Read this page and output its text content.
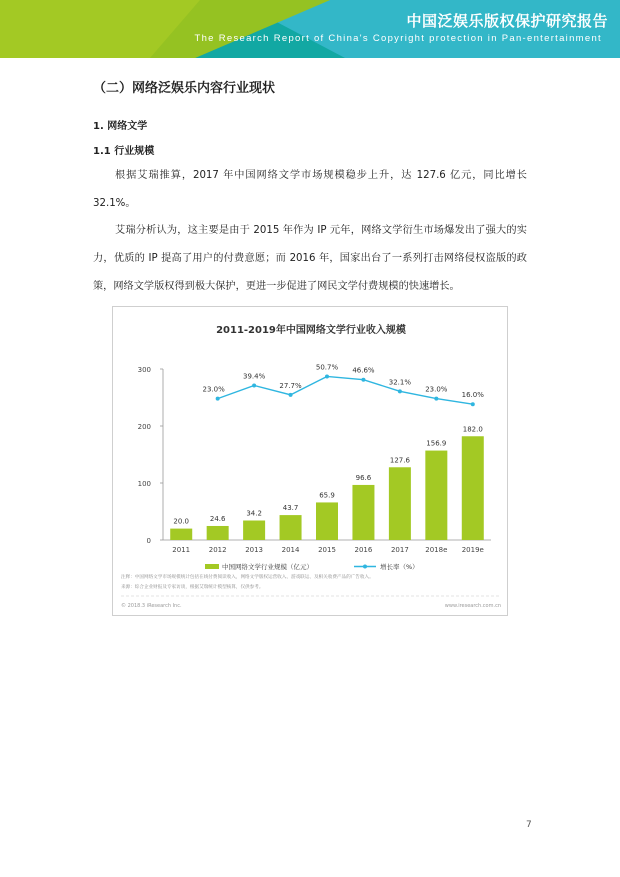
中国泛娱乐版权保护研究报告
The Research Report of China's Copyright protection in Pan-entertainment
（二）网络泛娱乐内容行业现状
1. 网络文学
1.1 行业规模

根据艾瑞推算，2017 年中国网络文学市场规模稳步上升，达 127.6 亿元，同比增长 32.1%。

艾瑞分析认为，这主要是由于 2015 年作为 IP 元年，网络文学衍生市场爆发出了强大的实力，优质的 IP 提高了用户的付费意愿；而 2016 年，国家出台了一系列打击网络侵权盗版的政策，网络文学版权得到极大保护，更进一步促进了网民文学付费规模的快速增长。

2011-2019年中国网络文学行业收入规模
0
100
200
300
20.0
2011
24.6
2012
34.2
2013
43.7
2014
65.9
2015
96.6
2016
127.6
2017
156.9
2018e
182.0
2019e
23.0%
39.4%
27.7%
50.7% 46.6%
32.1%
23.0%
16.0%
中国网络文学行业规模（亿元）	增长率（%）
注释：中国网络文学市场规模统计包括在线付费阅读收入，网络文学版权运营收入、游戏联运、及相关收费产品的广告收入。
来源：综合企业财报及专家访谈，根据艾瑞统计模型核算，仅供参考。
© 2018.3 iResearch Inc.	www.iresearch.com.cn
7
